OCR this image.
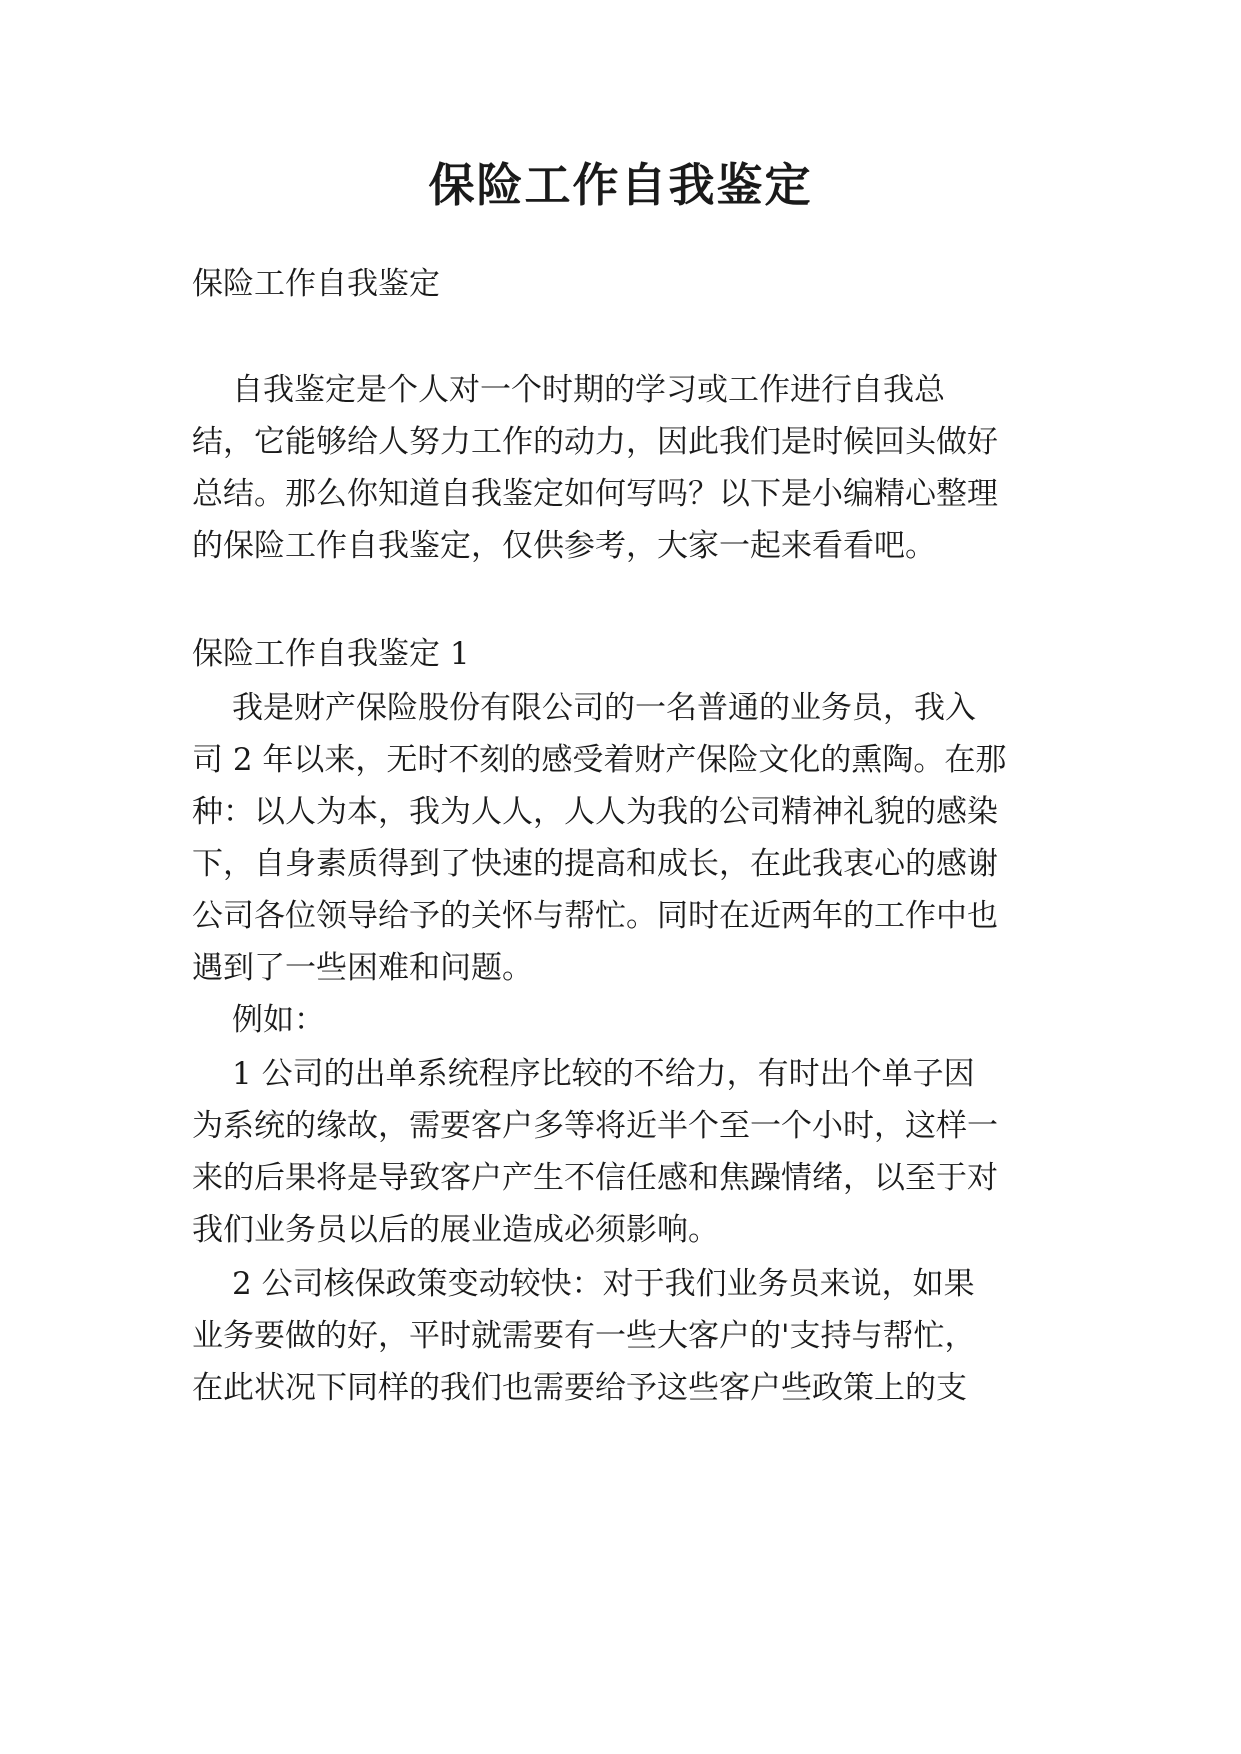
保险工作自我鉴定

保险工作自我鉴定

自我鉴定是个人对一个时期的学习或工作进行自我总

结，它能够给人努力工作的动力，因此我们是时候回头做好

总结。那么你知道自我鉴定如何写吗？以下是小编精心整理

的保险工作自我鉴定，仅供参考，大家一起来看看吧。

保险工作自我鉴定 1

我是财产保险股份有限公司的一名普通的业务员，我入

司 2 年以来，无时不刻的感受着财产保险文化的熏陶。在那

种：以人为本，我为人人，人人为我的公司精神礼貌的感染

下，自身素质得到了快速的提高和成长，在此我衷心的感谢

公司各位领导给予的关怀与帮忙。同时在近两年的工作中也

遇到了一些困难和问题。

例如：

1 公司的出单系统程序比较的不给力，有时出个单子因

为系统的缘故，需要客户多等将近半个至一个小时，这样一

来的后果将是导致客户产生不信任感和焦躁情绪，以至于对

我们业务员以后的展业造成必须影响。

2 公司核保政策变动较快：对于我们业务员来说，如果

业务要做的好，平时就需要有一些大客户的'支持与帮忙，

在此状况下同样的我们也需要给予这些客户些政策上的支
